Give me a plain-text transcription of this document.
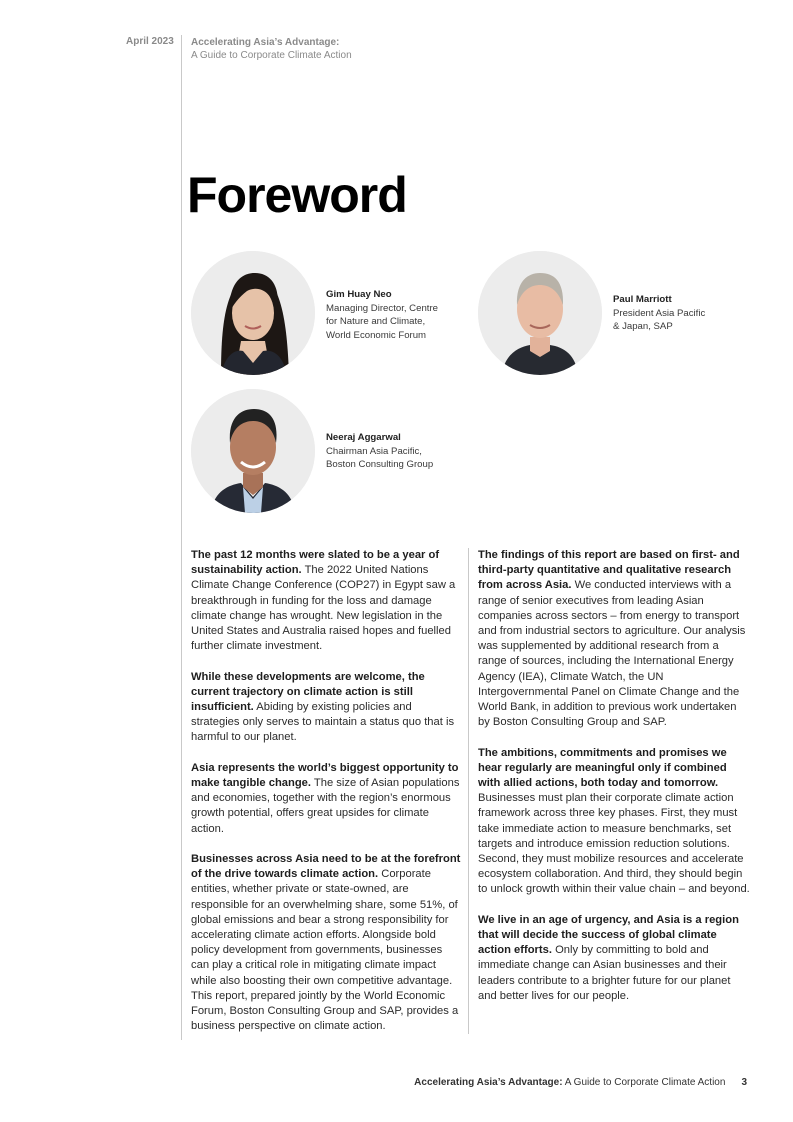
April 2023 Accelerating Asia’s Advantage:
A Guide to Corporate Climate Action
Foreword
Gim Huay Neo
Managing Director, Centre
for Nature and Climate,
World Economic Forum
Paul Marriott
President Asia Pacific
& Japan, SAP
Neeraj Aggarwal
Chairman Asia Pacific,
Boston Consulting Group

The past 12 months were slated to be a year of sustainability action. The 2022 United Nations Climate Change Conference (COP27) in Egypt saw a breakthrough in funding for the loss and damage climate change has wrought. New legislation in the United States and Australia raised hopes and fuelled further climate investment.

While these developments are welcome, the current trajectory on climate action is still insufficient. Abiding by existing policies and strategies only serves to maintain a status quo that is harmful to our planet.

Asia represents the world’s biggest opportunity to make tangible change. The size of Asian populations and economies, together with the region’s enormous growth potential, offers great upsides for climate action.

Businesses across Asia need to be at the forefront of the drive towards climate action. Corporate entities, whether private or state-owned, are responsible for an overwhelming share, some 51%, of global emissions and bear a strong responsibility for accelerating climate action efforts. Alongside bold policy development from governments, businesses can play a critical role in mitigating climate impact while also boosting their own competitive advantage. This report, prepared jointly by the World Economic Forum, Boston Consulting Group and SAP, provides a business perspective on climate action.

The findings of this report are based on first- and third-party quantitative and qualitative research from across Asia. We conducted interviews with a range of senior executives from leading Asian companies across sectors – from energy to transport and from industrial sectors to agriculture. Our analysis was supplemented by additional research from a range of sources, including the International Energy Agency (IEA), Climate Watch, the UN Intergovernmental Panel on Climate Change and the World Bank, in addition to previous work undertaken by Boston Consulting Group and SAP.

The ambitions, commitments and promises we hear regularly are meaningful only if combined with allied actions, both today and tomorrow. Businesses must plan their corporate climate action framework across three key phases. First, they must take immediate action to measure benchmarks, set targets and introduce emission reduction solutions. Second, they must mobilize resources and accelerate ecosystem collaboration. And third, they should begin to unlock growth within their value chain – and beyond.

We live in an age of urgency, and Asia is a region that will decide the success of global climate action efforts. Only by committing to bold and immediate change can Asian businesses and their leaders contribute to a brighter future for our planet and better lives for our people.

Accelerating Asia’s Advantage: A Guide to Corporate Climate Action 3
